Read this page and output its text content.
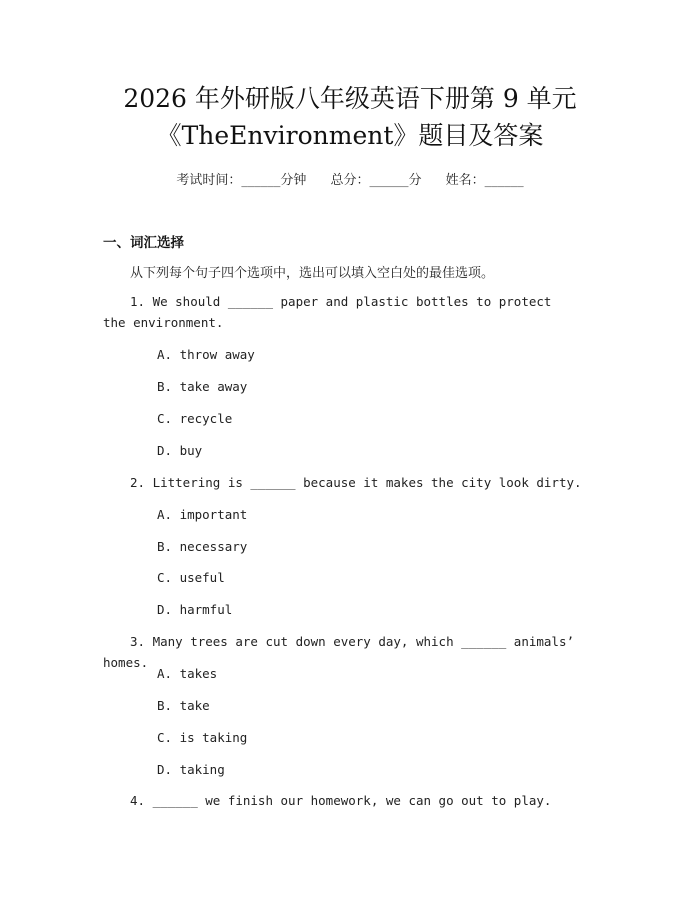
2026 年外研版八年级英语下册第 9 单元
《TheEnvironment》题目及答案
考试时间：______分钟 总分：______分 姓名：______
一、词汇选择
从下列每个句子四个选项中，选出可以填入空白处的最佳选项。
1. We should ______ paper and plastic bottles to protect the environment.
A. throw away
B. take away
C. recycle
D. buy
2. Littering is ______ because it makes the city look dirty.
A. important
B. necessary
C. useful
D. harmful
3. Many trees are cut down every day, which ______ animals’ homes.
A. takes
B. take
C. is taking
D. taking
4. ______ we finish our homework, we can go out to play.
